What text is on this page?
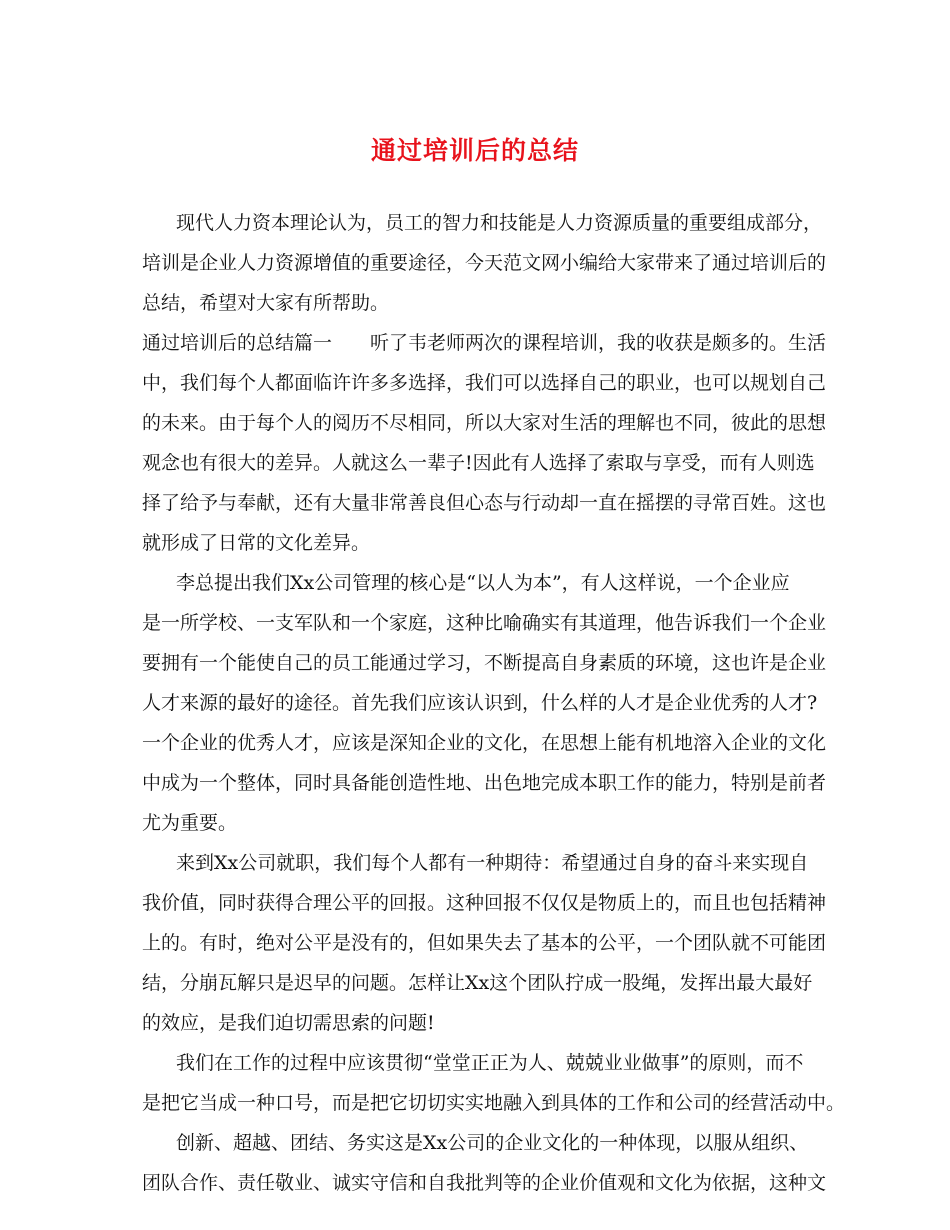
通过培训后的总结
现代人力资本理论认为，员工的智力和技能是人力资源质量的重要组成部分，
培训是企业人力资源增值的重要途径，今天范文网小编给大家带来了通过培训后的
总结，希望对大家有所帮助。
通过培训后的总结篇一　　听了韦老师两次的课程培训，我的收获是颇多的。生活
中，我们每个人都面临许许多多选择，我们可以选择自己的职业，也可以规划自己
的未来。由于每个人的阅历不尽相同，所以大家对生活的理解也不同，彼此的思想
观念也有很大的差异。人就这么一辈子!因此有人选择了索取与享受，而有人则选
择了给予与奉献，还有大量非常善良但心态与行动却一直在摇摆的寻常百姓。这也
就形成了日常的文化差异。
李总提出我们Xx公司管理的核心是“以人为本”，有人这样说，一个企业应
是一所学校、一支军队和一个家庭，这种比喻确实有其道理，他告诉我们一个企业
要拥有一个能使自己的员工能通过学习，不断提高自身素质的环境，这也许是企业
人才来源的最好的途径。首先我们应该认识到，什么样的人才是企业优秀的人才?
一个企业的优秀人才，应该是深知企业的文化，在思想上能有机地溶入企业的文化
中成为一个整体，同时具备能创造性地、出色地完成本职工作的能力，特别是前者
尤为重要。
来到Xx公司就职，我们每个人都有一种期待：希望通过自身的奋斗来实现自
我价值，同时获得合理公平的回报。这种回报不仅仅是物质上的，而且也包括精神
上的。有时，绝对公平是没有的，但如果失去了基本的公平，一个团队就不可能团
结，分崩瓦解只是迟早的问题。怎样让Xx这个团队拧成一股绳，发挥出最大最好
的效应，是我们迫切需思索的问题!
我们在工作的过程中应该贯彻“堂堂正正为人、兢兢业业做事”的原则，而不
是把它当成一种口号，而是把它切切实实地融入到具体的工作和公司的经营活动中。
创新、超越、团结、务实这是Xx公司的企业文化的一种体现，以服从组织、
团队合作、责任敬业、诚实守信和自我批判等的企业价值观和文化为依据，这种文
